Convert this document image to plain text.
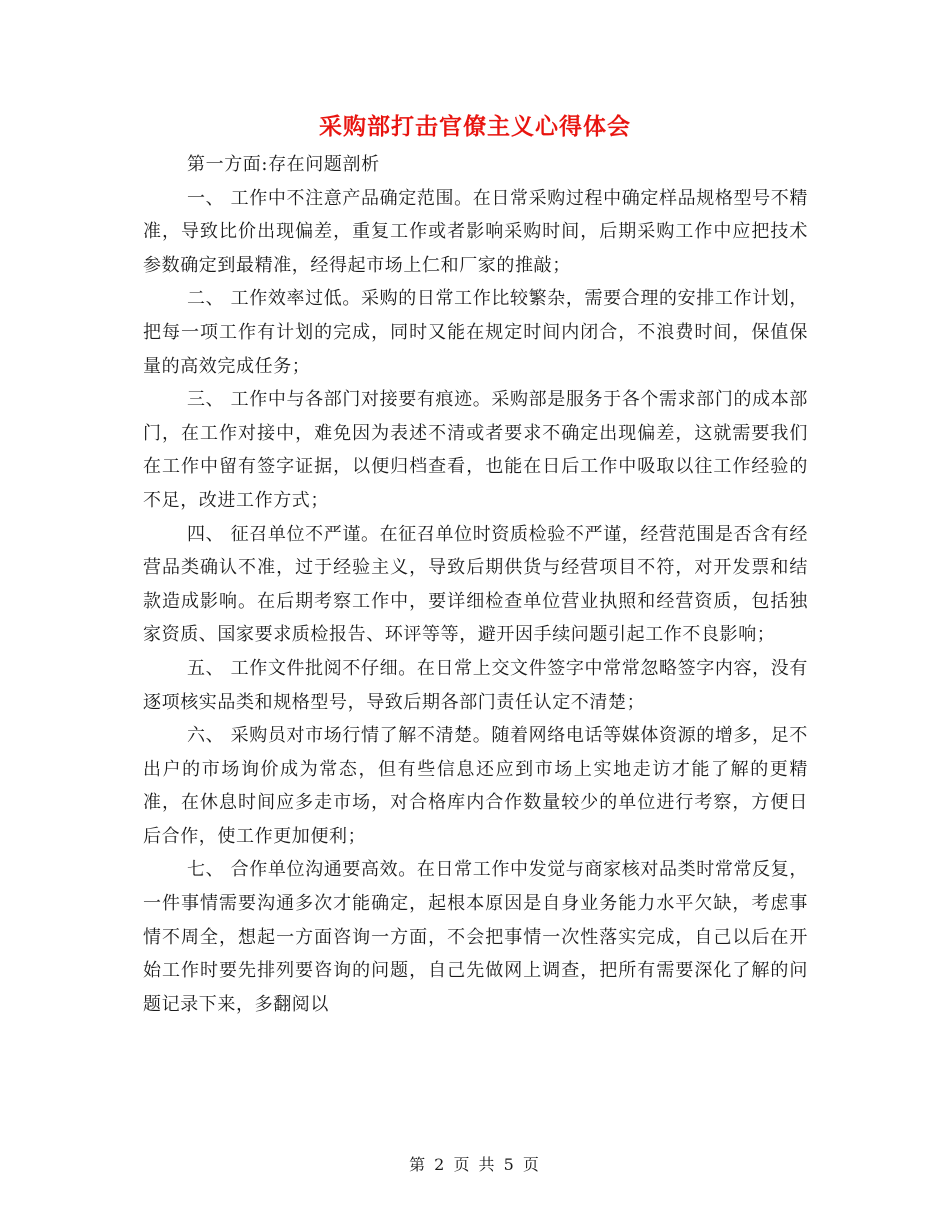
采购部打击官僚主义心得体会

第一方面:存在问题剖析

一、 工作中不注意产品确定范围。在日常采购过程中确定样品规格型号不精准，导致比价出现偏差，重复工作或者影响采购时间，后期采购工作中应把技术参数确定到最精准，经得起市场上仁和厂家的推敲；

二、 工作效率过低。采购的日常工作比较繁杂，需要合理的安排工作计划，把每一项工作有计划的完成，同时又能在规定时间内闭合，不浪费时间，保值保量的高效完成任务；

三、 工作中与各部门对接要有痕迹。采购部是服务于各个需求部门的成本部门，在工作对接中，难免因为表述不清或者要求不确定出现偏差，这就需要我们在工作中留有签字证据，以便归档查看，也能在日后工作中吸取以往工作经验的不足，改进工作方式；

四、 征召单位不严谨。在征召单位时资质检验不严谨，经营范围是否含有经营品类确认不准，过于经验主义，导致后期供货与经营项目不符，对开发票和结款造成影响。在后期考察工作中，要详细检查单位营业执照和经营资质，包括独家资质、国家要求质检报告、环评等等，避开因手续问题引起工作不良影响；

五、 工作文件批阅不仔细。在日常上交文件签字中常常忽略签字内容，没有逐项核实品类和规格型号，导致后期各部门责任认定不清楚；

六、 采购员对市场行情了解不清楚。随着网络电话等媒体资源的增多，足不出户的市场询价成为常态，但有些信息还应到市场上实地走访才能了解的更精准，在休息时间应多走市场，对合格库内合作数量较少的单位进行考察，方便日后合作，使工作更加便利；

七、 合作单位沟通要高效。在日常工作中发觉与商家核对品类时常常反复，一件事情需要沟通多次才能确定，起根本原因是自身业务能力水平欠缺，考虑事情不周全，想起一方面咨询一方面，不会把事情一次性落实完成，自己以后在开始工作时要先排列要咨询的问题，自己先做网上调查，把所有需要深化了解的问题记录下来，多翻阅以

第 2 页 共 5 页
